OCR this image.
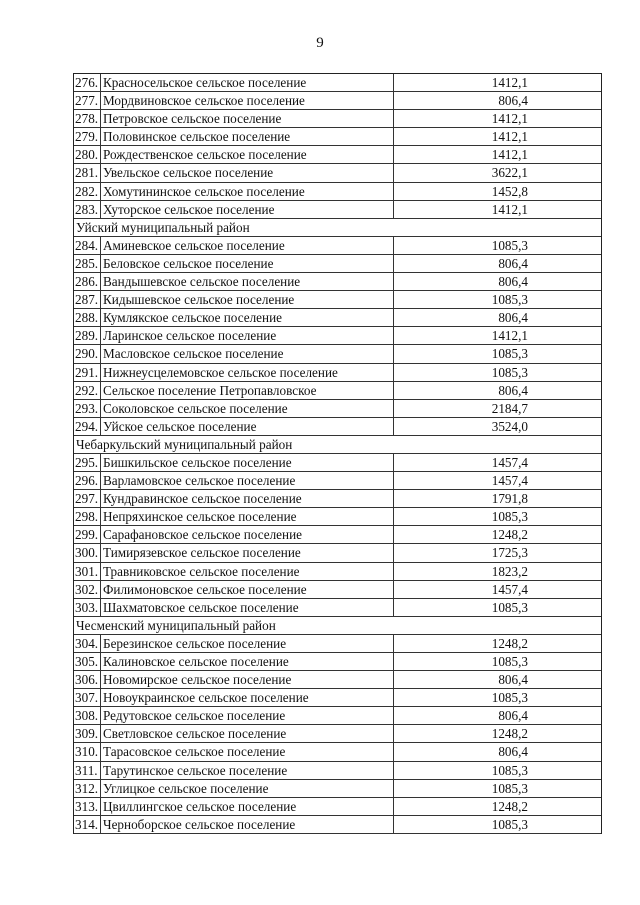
9
276. Красносельское сельское поселение	1412,1
277. Мордвиновское сельское поселение	806,4
278. Петровское сельское поселение	1412,1
279. Половинское сельское поселение	1412,1
280. Рождественское сельское поселение	1412,1
281. Увельское сельское поселение	3622,1
282. Хомутининское сельское поселение	1452,8
283. Хуторское сельское поселение	1412,1
Уйский муниципальный район
284. Аминевское сельское поселение	1085,3
285. Беловское сельское поселение	806,4
286. Вандышевское сельское поселение	806,4
287. Кидышевское сельское поселение	1085,3
288. Кумлякское сельское поселение	806,4
289. Ларинское сельское поселение	1412,1
290. Масловское сельское поселение	1085,3
291. Нижнеусцелемовское сельское поселение	1085,3
292. Сельское поселение Петропавловское	806,4
293. Соколовское сельское поселение	2184,7
294. Уйское сельское поселение	3524,0
Чебаркульский муниципальный район
295. Бишкильское сельское поселение	1457,4
296. Варламовское сельское поселение	1457,4
297. Кундравинское сельское поселение	1791,8
298. Непряхинское сельское поселение	1085,3
299. Сарафановское сельское поселение	1248,2
300. Тимирязевское сельское поселение	1725,3
301. Травниковское сельское поселение	1823,2
302. Филимоновское сельское поселение	1457,4
303. Шахматовское сельское поселение	1085,3
Чесменский муниципальный район
304. Березинское сельское поселение	1248,2
305. Калиновское сельское поселение	1085,3
306. Новомирское сельское поселение	806,4
307. Новоукраинское сельское поселение	1085,3
308. Редутовское сельское поселение	806,4
309. Светловское сельское поселение	1248,2
310. Тарасовское сельское поселение	806,4
311. Тарутинское сельское поселение	1085,3
312. Углицкое сельское поселение	1085,3
313. Цвиллингское сельское поселение	1248,2
314. Черноборское сельское поселение	1085,3
